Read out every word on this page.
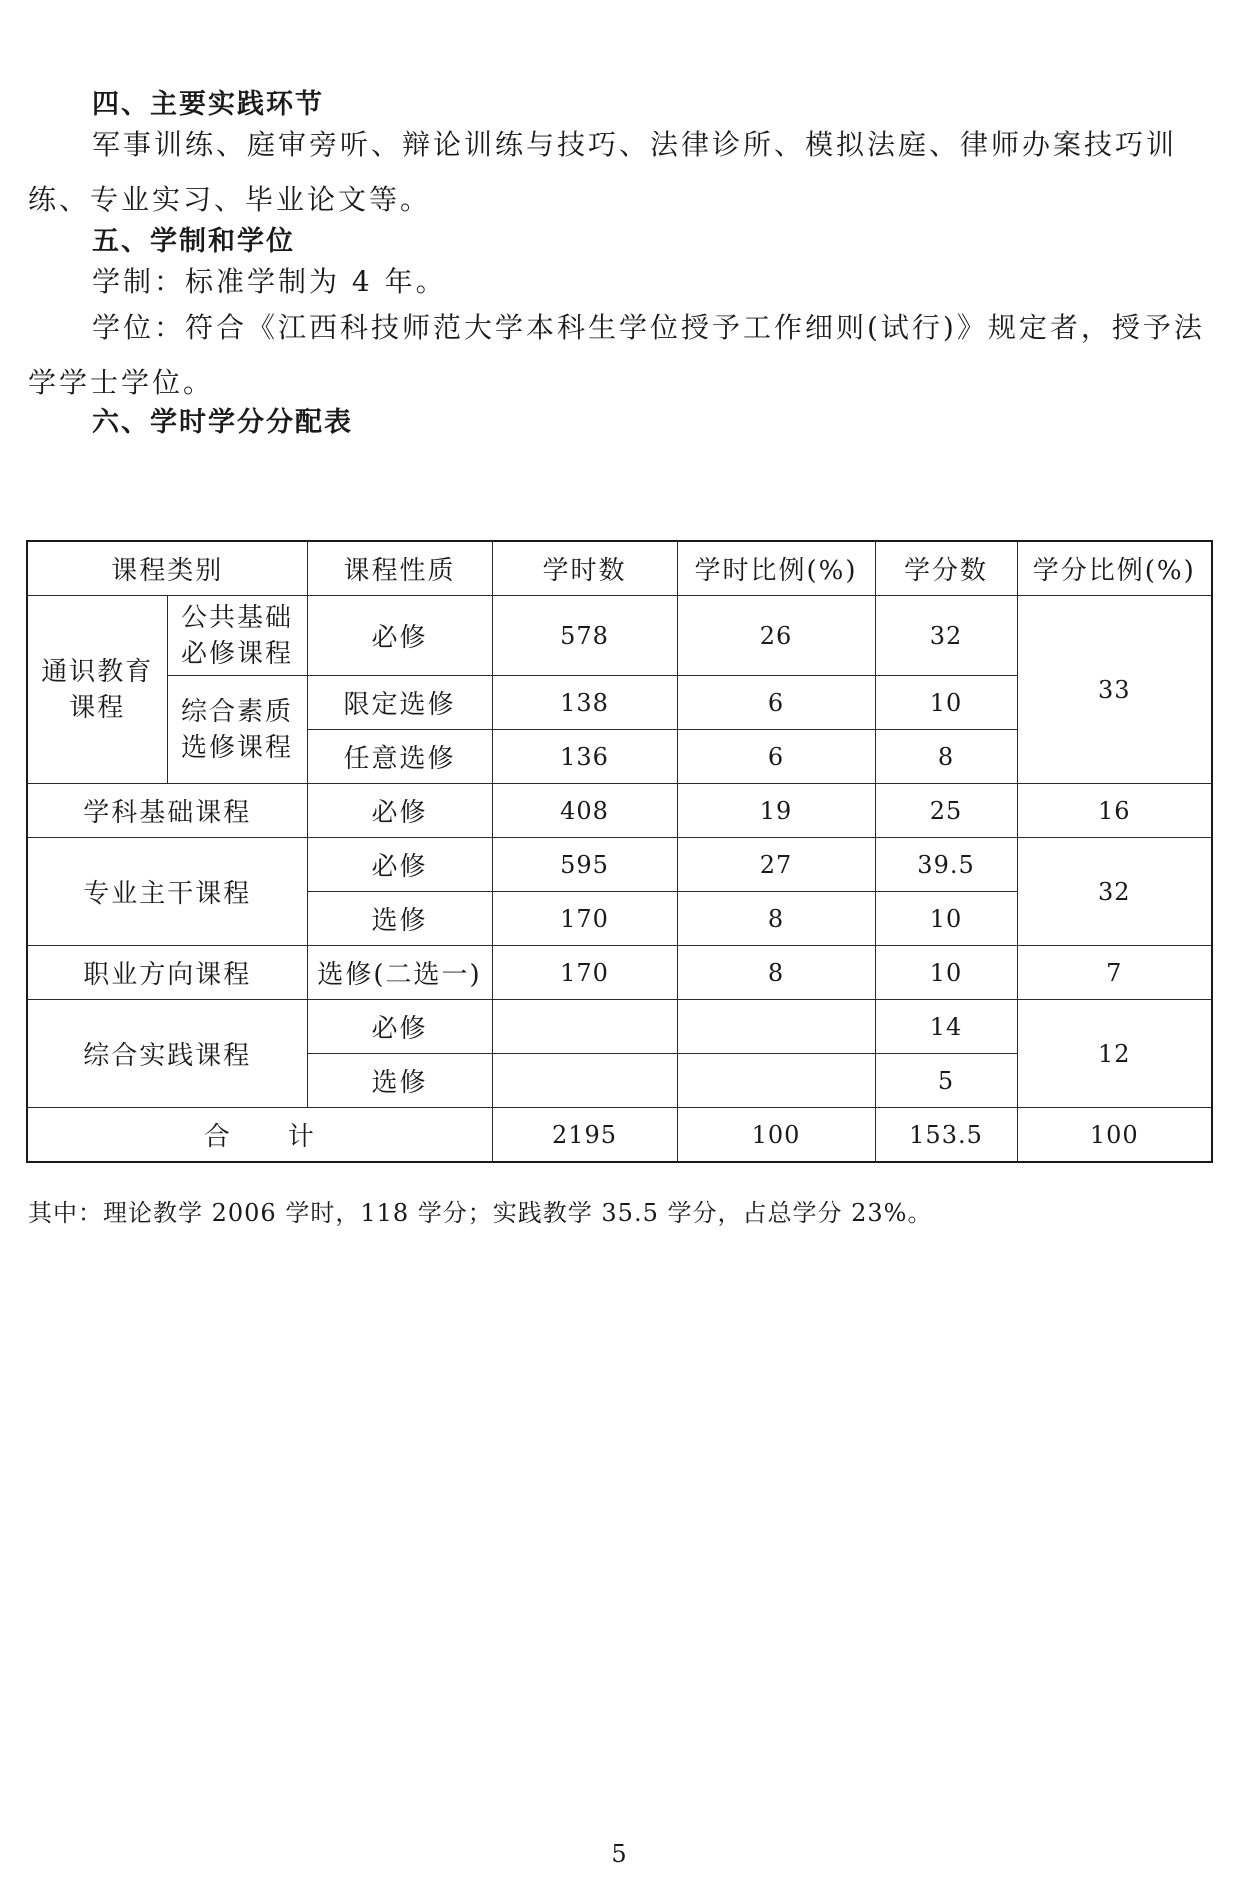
四、主要实践环节
军事训练、庭审旁听、辩论训练与技巧、法律诊所、模拟法庭、律师办案技巧训练、专业实习、毕业论文等。
五、学制和学位
学制：标准学制为 4 年。
学位：符合《江西科技师范大学本科生学位授予工作细则(试行)》规定者，授予法学学士学位。
六、学时学分分配表
课程类别		课程性质	学时数	学时比例(%)	学分数	学分比例(%)

通识教育课程	公共基础必修课程	必修	578	26	32	33

	综合素质选修课程	限定选修	138	6	10	
		任意选修	136	6	8	
学科基础课程		必修	408	19	25	16
专业主干课程		必修	595	27	39.5	32
		选修	170	8	10	
职业方向课程		选修(二选一)	170	8	10	7
综合实践课程		必修			14	12
		选修			5	
合　　计			2195	100	153.5	100
其中：理论教学 2006 学时，118 学分；实践教学 35.5 学分，占总学分 23%。
5
